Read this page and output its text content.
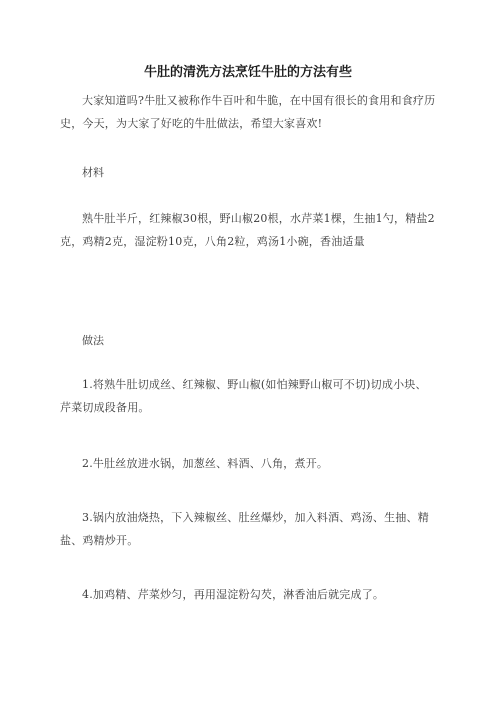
牛肚的清洗方法烹饪牛肚的方法有些

大家知道吗?牛肚又被称作牛百叶和牛脆，在中国有很长的食用和食疗历史，今天，为大家了好吃的牛肚做法，希望大家喜欢!

材料

熟牛肚半斤，红辣椒30根，野山椒20根，水芹菜1棵，生抽1勺，精盐2克，鸡精2克，湿淀粉10克，八角2粒，鸡汤1小碗，香油适量

做法

1.将熟牛肚切成丝、红辣椒、野山椒(如怕辣野山椒可不切)切成小块、芹菜切成段备用。

2.牛肚丝放进水锅，加葱丝、料酒、八角，煮开。

3.锅内放油烧热，下入辣椒丝、肚丝爆炒，加入料酒、鸡汤、生抽、精盐、鸡精炒开。

4.加鸡精、芹菜炒匀，再用湿淀粉勾芡，淋香油后就完成了。
